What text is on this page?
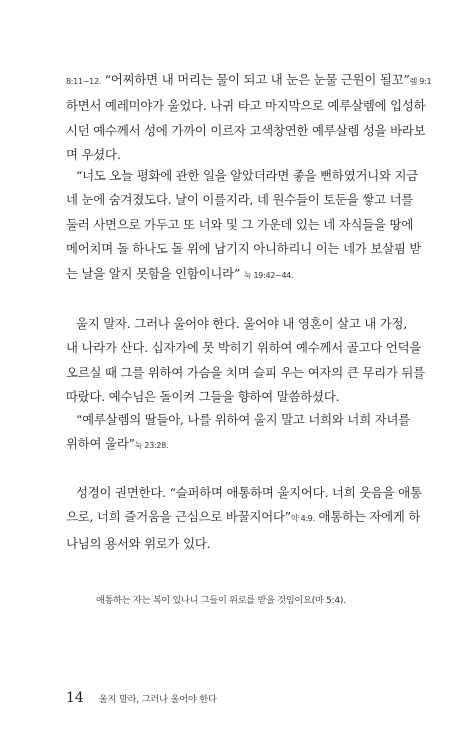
8:11~12. “어찌하면 내 머리는 물이 되고 내 눈은 눈물 근원이 될꼬”렘 9:1
하면서 예레미야가 울었다. 나귀 타고 마지막으로 예루살렘에 입성하
시던 예수께서 성에 가까이 이르자 고색창연한 예루살렘 성을 바라보
며 우셨다.

“너도 오늘 평화에 관한 일을 알았더라면 좋을 뻔하였거니와 지금
네 눈에 숨겨졌도다. 날이 이를지라, 네 원수들이 토둔을 쌓고 너를
둘러 사면으로 가두고 또 너와 및 그 가운데 있는 네 자식들을 땅에
메어치며 돌 하나도 돌 위에 남기지 아니하리니 이는 네가 보살핌 받
는 날을 알지 못함을 인함이니라” 눅 19:42~44.

울지 말자. 그러나 울어야 한다. 울어야 내 영혼이 살고 내 가정,
내 나라가 산다. 십자가에 못 박히기 위하여 예수께서 골고다 언덕을
오르실 때 그를 위하여 가슴을 치며 슬피 우는 여자의 큰 무리가 뒤를
따랐다. 예수님은 돌이켜 그들을 향하여 말씀하셨다.

“예루살렘의 딸들아, 나를 위하여 울지 말고 너희와 너희 자녀를
위하여 울라”눅 23:28.

성경이 권면한다. “슬퍼하며 애통하며 울지어다. 너희 웃음을 애통
으로, 너희 즐거움을 근심으로 바꿀지어다”약 4:9. 애통하는 자에게 하
나님의 용서와 위로가 있다.

애통하는 자는 복이 있나니 그들이 위로를 받을 것임이요(마 5:4).
14 울지 말라, 그러나 울어야 한다
